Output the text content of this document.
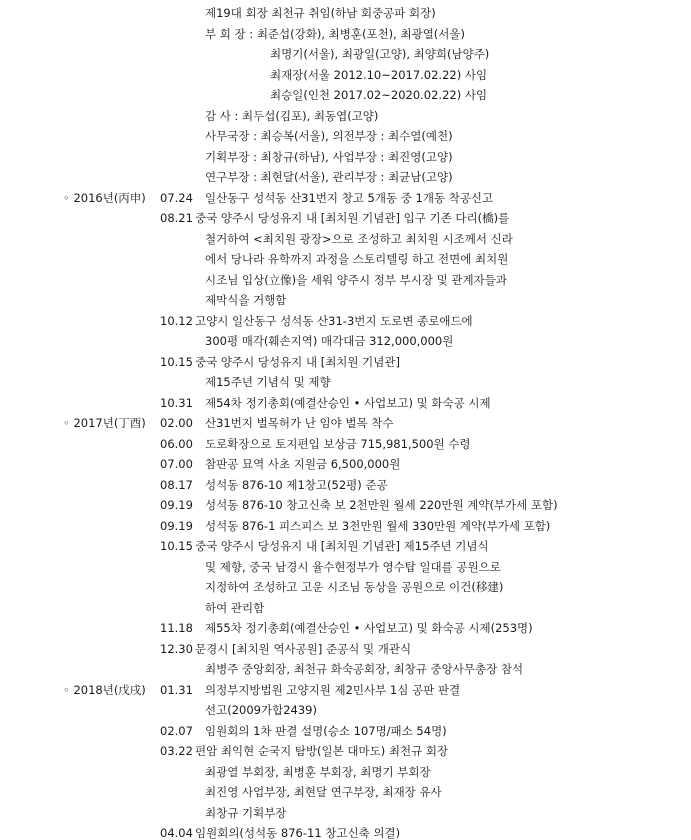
제19대 회장 최천규 취임(하남 회중공파 회장)
부 회 장 : 최준섭(강화), 최병훈(포천), 최광열(서울)
최명기(서울), 최광일(고양), 최양희(남양주)
최재장(서울 2012.10~2017.02.22) 사임
최승일(인천 2017.02~2020.02.22) 사임
감 사 : 최두섭(김포), 최동엽(고양)
사무국장 : 최승복(서울), 의전부장 : 최수열(예천)
기획부장 : 최창규(하남), 사업부장 : 최진영(고양)
연구부장 : 최현달(서울), 관리부장 : 최균남(고양)
◦ 2016년(丙申) 07.24 일산동구 성석동 산31번지 창고 5개동 중 1개동 착공신고
08.21 중국 양주시 당성유지 내 [최치원 기념관] 입구 기존 다리(橋)를
철거하여 <최치원 광장>으로 조성하고 최치원 시조께서 신라
에서 당나라 유학까지 과정을 스토리텔링 하고 전면에 최치원
시조님 입상(立像)을 세워 양주시 정부 부시장 및 관계자들과
제막식을 거행함
10.12 고양시 일산동구 성석동 산31-3번지 도로변 종로애드에
300평 매각(훼손지역) 매각대금 312,000,000원
10.15 중국 양주시 당성유지 내 [최치원 기념관]
제15주년 기념식 및 제향
10.31 제54차 정기총회(예결산승인 • 사업보고) 및 화숙공 시제
◦ 2017년(丁酉) 02.00 산31번지 벌목허가 난 임야 벌목 착수
06.00 도로확장으로 토지편입 보상금 715,981,500원 수령
07.00 참판공 묘역 사초 지원금 6,500,000원
08.17 성석동 876-10 제1창고(52평) 준공
09.19 성석동 876-10 창고신축 보 2천만원 월세 220만원 계약(부가세 포함)
09.19 성석동 876-1 피스피스 보 3천만원 월세 330만원 계약(부가세 포함)
10.15 중국 양주시 당성유지 내 [최치원 기념관] 제15주년 기념식
및 제향, 중국 남경시 율수현정부가 영수탑 일대를 공원으로
지정하여 조성하고 고운 시조님 동상을 공원으로 이건(移建)
하여 관리함
11.18 제55차 정기총회(예결산승인 • 사업보고) 및 화숙공 시제(253명)
12.30 문경시 [최치원 역사공원] 준공식 및 개관식
최병주 중앙회장, 최천규 화숙공회장, 최창규 중앙사무총장 참석
◦ 2018년(戊戌) 01.31 의정부지방법원 고양지원 제2민사부 1심 공판 판결
선고(2009가합2439)
02.07 임원회의 1차 판결 설명(승소 107명/패소 54명)
03.22 편암 최익현 순국지 탐방(일본 대마도) 최천규 회장
최광열 부회장, 최병훈 부회장, 최명기 부회장
최진영 사업부장, 최현달 연구부장, 최재장 유사
최창규 기획부장
04.04 임원회의(성석동 876-11 창고신축 의결)
